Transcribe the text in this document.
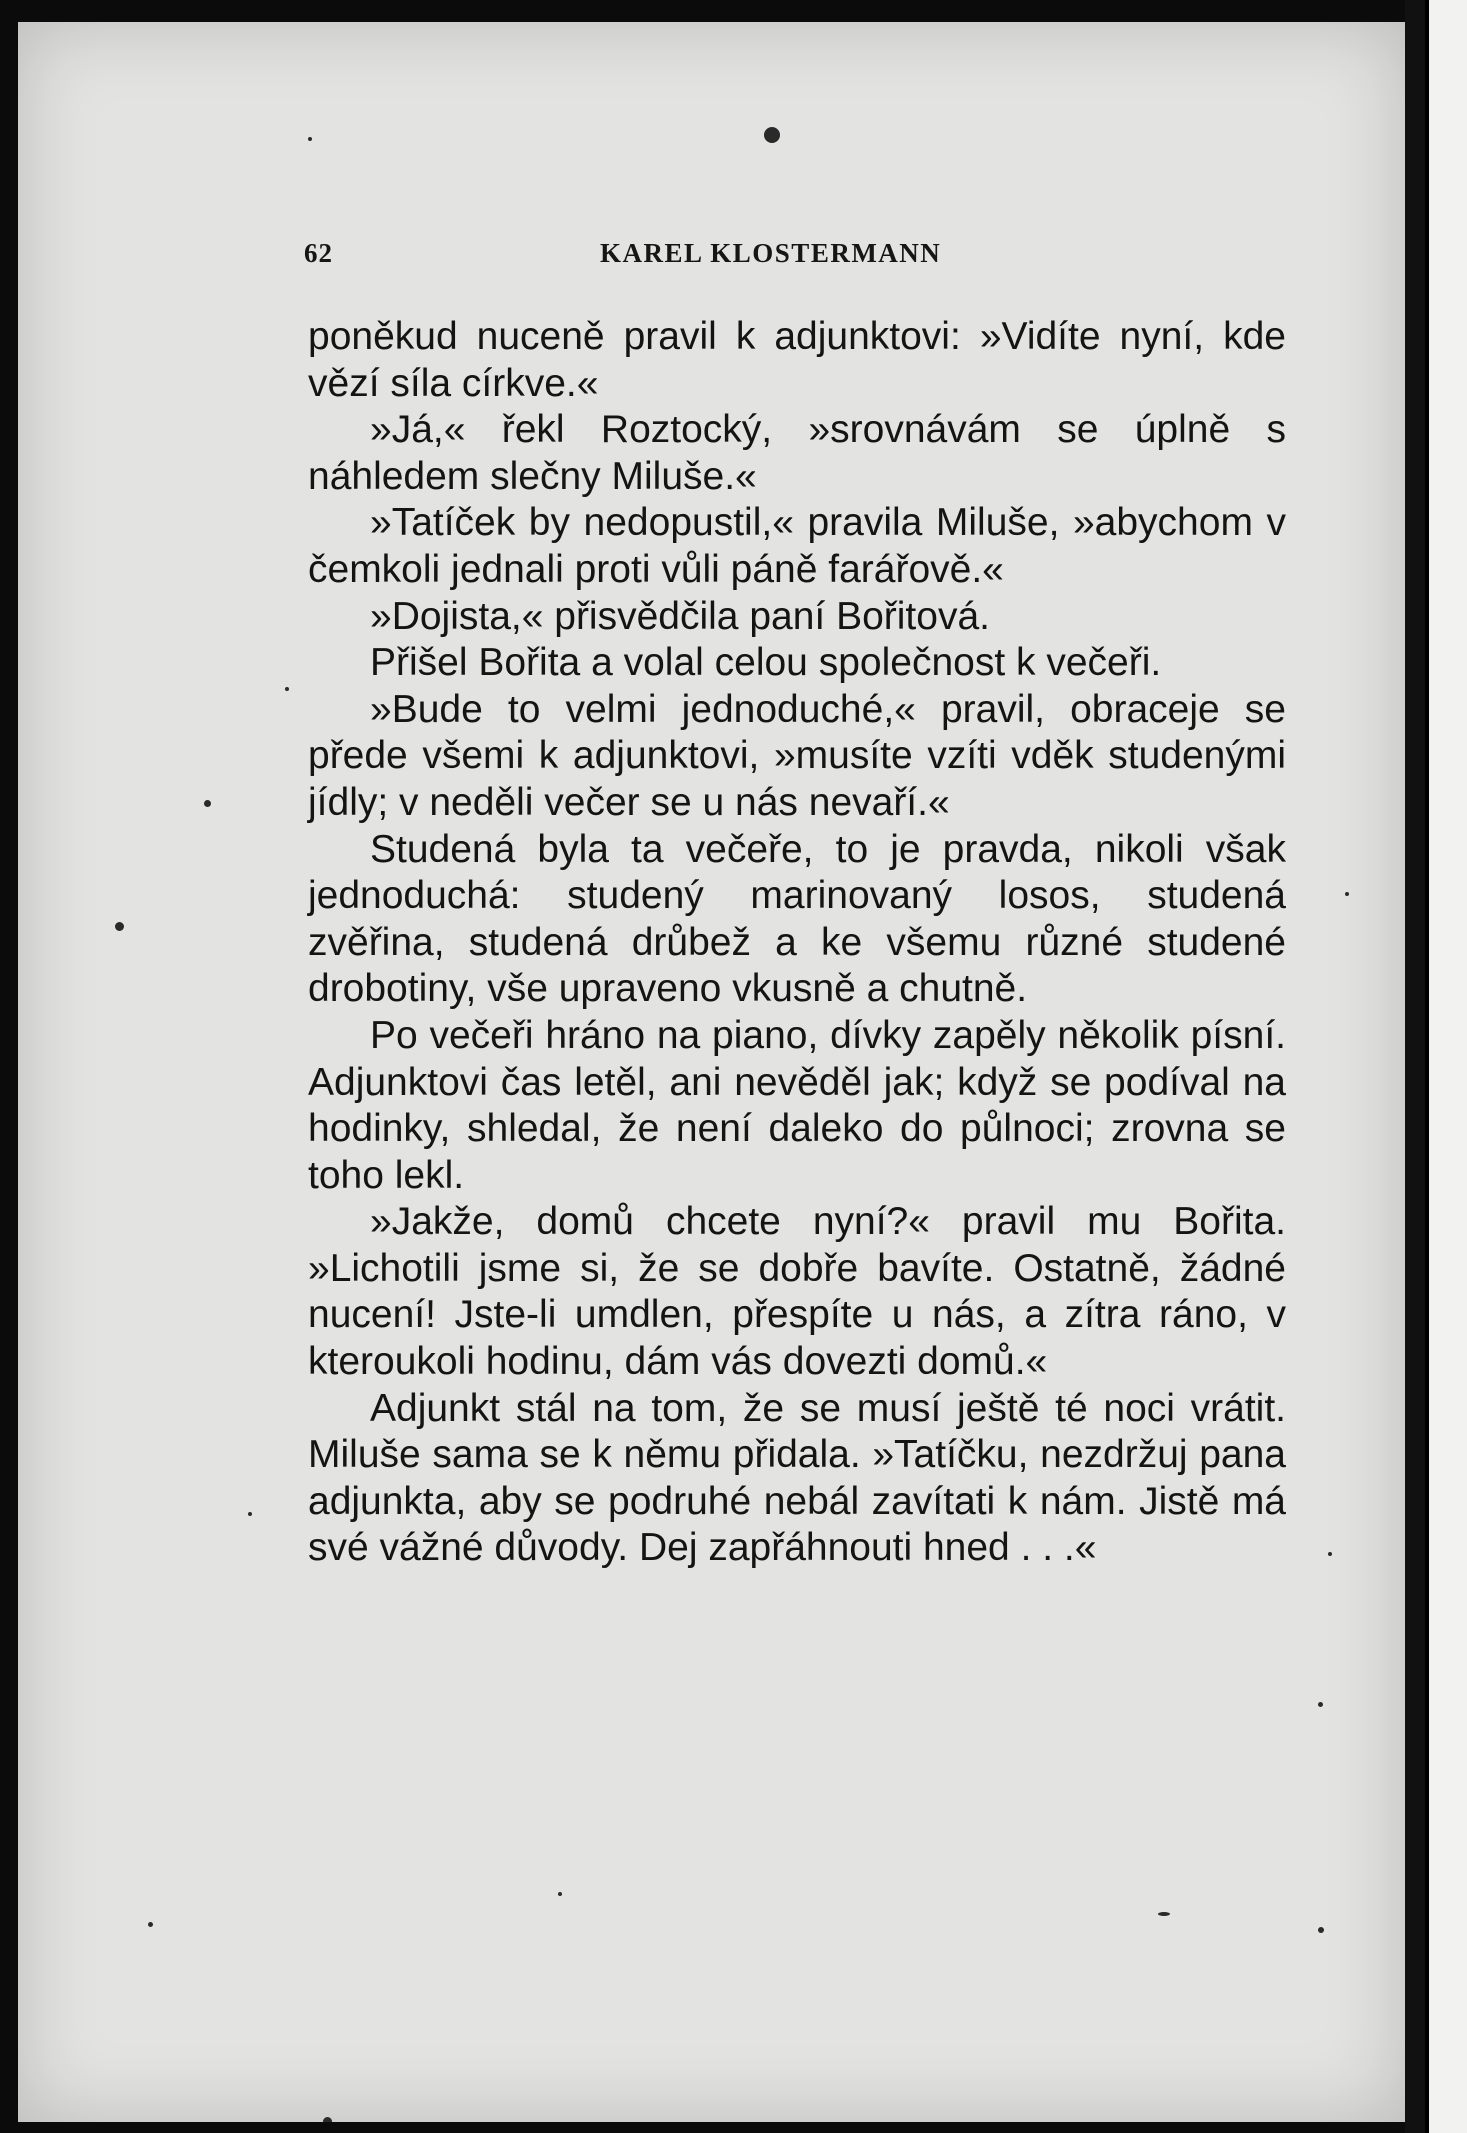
62	KAREL KLOSTERMANN

poněkud nuceně pravil k adjunktovi: »Vidíte nyní, kde vězí síla církve.«

»Já,« řekl Roztocký, »srovnávám se úplně s náhledem slečny Miluše.«

»Tatíček by nedopustil,« pravila Miluše, »abychom v čemkoli jednali proti vůli páně farářově.«

»Dojista,« přisvědčila paní Bořitová.

Přišel Bořita a volal celou společnost k večeři.

»Bude to velmi jednoduché,« pravil, obraceje se přede všemi k adjunktovi, »musíte vzíti vděk studenými jídly; v neděli večer se u nás nevaří.«

Studená byla ta večeře, to je pravda, nikoli však jednoduchá: studený marinovaný losos, studená zvěřina, studená drůbež a ke všemu různé studené drobotiny, vše upraveno vkusně a chutně.

Po večeři hráno na piano, dívky zapěly několik písní. Adjunktovi čas letěl, ani nevěděl jak; když se podíval na hodinky, shledal, že není daleko do půlnoci; zrovna se toho lekl.

»Jakže, domů chcete nyní?« pravil mu Bořita. »Lichotili jsme si, že se dobře bavíte. Ostatně, žádné nucení! Jste-li umdlen, přespíte u nás, a zítra ráno, v kteroukoli hodinu, dám vás dovezti domů.«

Adjunkt stál na tom, že se musí ještě té noci vrátit. Miluše sama se k němu přidala. »Tatíčku, nezdržuj pana adjunkta, aby se podruhé nebál zavítati k nám. Jistě má své vážné důvody. Dej zapřáhnouti hned . . .«
